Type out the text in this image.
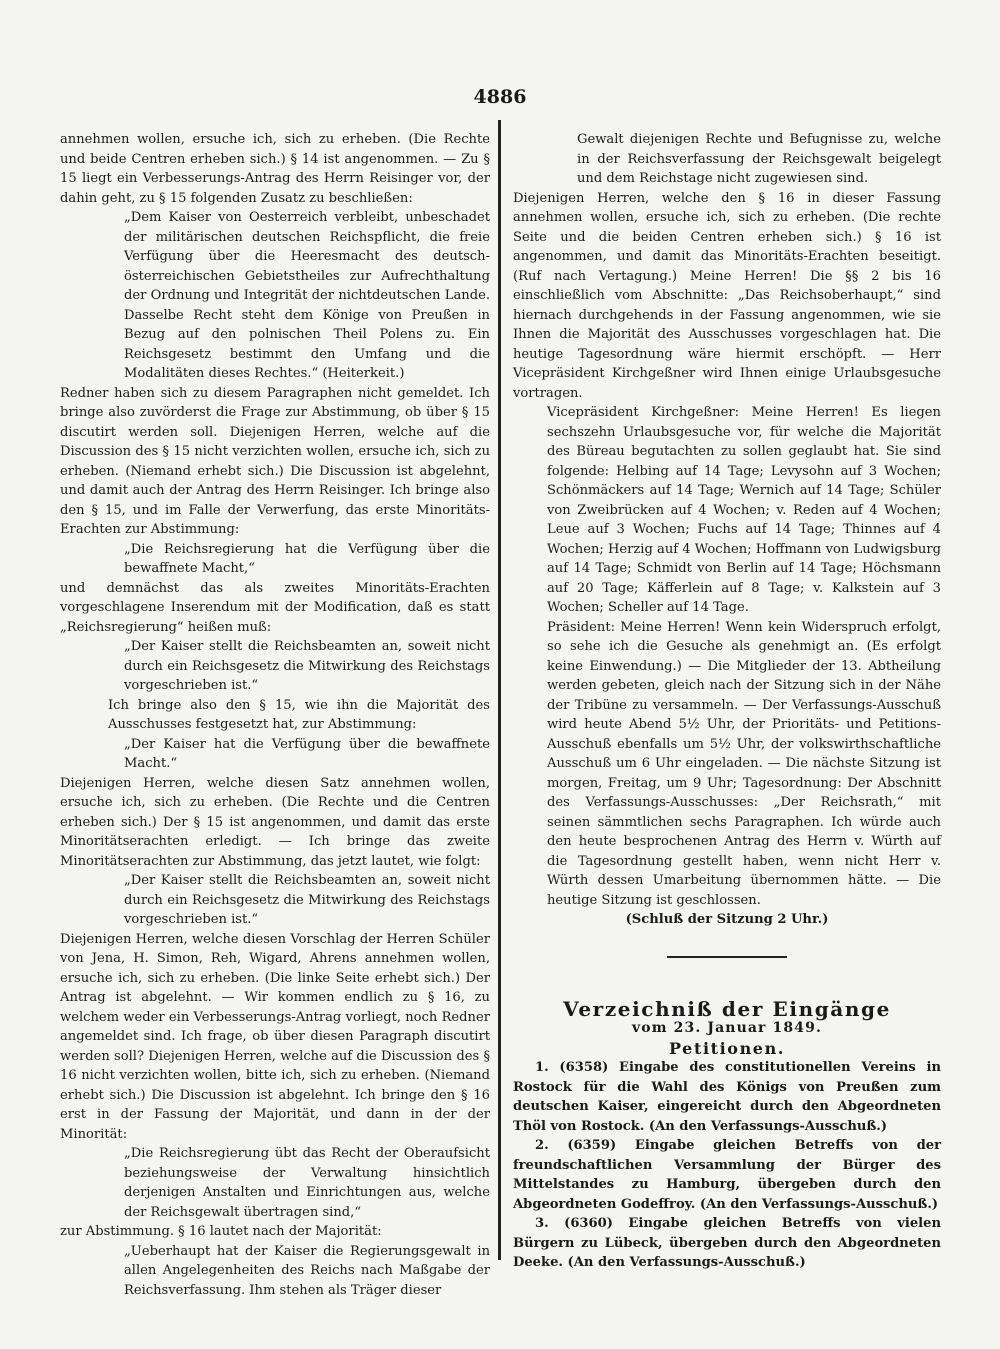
4886

annehmen wollen, ersuche ich, sich zu erheben. (Die Rechte und beide Centren erheben sich.) § 14 ist angenommen. — Zu § 15 liegt ein Verbesserungs-Antrag des Herrn Reisinger vor, der dahin geht, zu § 15 folgenden Zusatz zu beschließen:

„Dem Kaiser von Oesterreich verbleibt, unbeschadet der militärischen deutschen Reichspflicht, die freie Verfügung über die Heeresmacht des deutsch-österreichischen Gebietstheiles zur Aufrechthaltung der Ordnung und Integrität der nichtdeutschen Lande. Dasselbe Recht steht dem Könige von Preußen in Bezug auf den polnischen Theil Polens zu. Ein Reichsgesetz bestimmt den Umfang und die Modalitäten dieses Rechtes.“ (Heiterkeit.)

Redner haben sich zu diesem Paragraphen nicht gemeldet. Ich bringe also zuvörderst die Frage zur Abstimmung, ob über § 15 discutirt werden soll. Diejenigen Herren, welche auf die Discussion des § 15 nicht verzichten wollen, ersuche ich, sich zu erheben. (Niemand erhebt sich.) Die Discussion ist abgelehnt, und damit auch der Antrag des Herrn Reisinger. Ich bringe also den § 15, und im Falle der Verwerfung, das erste Minoritäts-Erachten zur Abstimmung:

„Die Reichsregierung hat die Verfügung über die bewaffnete Macht,“

und demnächst das als zweites Minoritäts-Erachten vorgeschlagene Inserendum mit der Modification, daß es statt „Reichsregierung“ heißen muß:

„Der Kaiser stellt die Reichsbeamten an, soweit nicht durch ein Reichsgesetz die Mitwirkung des Reichstags vorgeschrieben ist.“

Ich bringe also den § 15, wie ihn die Majorität des Ausschusses festgesetzt hat, zur Abstimmung:

„Der Kaiser hat die Verfügung über die bewaffnete Macht.“

Diejenigen Herren, welche diesen Satz annehmen wollen, ersuche ich, sich zu erheben. (Die Rechte und die Centren erheben sich.) Der § 15 ist angenommen, und damit das erste Minoritätserachten erledigt. — Ich bringe das zweite Minoritätserachten zur Abstimmung, das jetzt lautet, wie folgt:

„Der Kaiser stellt die Reichsbeamten an, soweit nicht durch ein Reichsgesetz die Mitwirkung des Reichstags vorgeschrieben ist.“

Diejenigen Herren, welche diesen Vorschlag der Herren Schüler von Jena, H. Simon, Reh, Wigard, Ahrens annehmen wollen, ersuche ich, sich zu erheben. (Die linke Seite erhebt sich.) Der Antrag ist abgelehnt. — Wir kommen endlich zu § 16, zu welchem weder ein Verbesserungs-Antrag vorliegt, noch Redner angemeldet sind. Ich frage, ob über diesen Paragraph discutirt werden soll? Diejenigen Herren, welche auf die Discussion des § 16 nicht verzichten wollen, bitte ich, sich zu erheben. (Niemand erhebt sich.) Die Discussion ist abgelehnt. Ich bringe den § 16 erst in der Fassung der Majorität, und dann in der der Minorität:

„Die Reichsregierung übt das Recht der Oberaufsicht beziehungsweise der Verwaltung hinsichtlich derjenigen Anstalten und Einrichtungen aus, welche der Reichsgewalt übertragen sind,“

zur Abstimmung. § 16 lautet nach der Majorität:

„Ueberhaupt hat der Kaiser die Regierungsgewalt in allen Angelegenheiten des Reichs nach Maßgabe der Reichsverfassung. Ihm stehen als Träger dieser

Gewalt diejenigen Rechte und Befugnisse zu, welche in der Reichsverfassung der Reichsgewalt beigelegt und dem Reichstage nicht zugewiesen sind.

Diejenigen Herren, welche den § 16 in dieser Fassung annehmen wollen, ersuche ich, sich zu erheben. (Die rechte Seite und die beiden Centren erheben sich.) § 16 ist angenommen, und damit das Minoritäts-Erachten beseitigt. (Ruf nach Vertagung.) Meine Herren! Die §§ 2 bis 16 einschließlich vom Abschnitte: „Das Reichsoberhaupt,“ sind hiernach durchgehends in der Fassung angenommen, wie sie Ihnen die Majorität des Ausschusses vorgeschlagen hat. Die heutige Tagesordnung wäre hiermit erschöpft. — Herr Vicepräsident Kirchgeßner wird Ihnen einige Urlaubsgesuche vortragen.

Vicepräsident Kirchgeßner: Meine Herren! Es liegen sechszehn Urlaubsgesuche vor, für welche die Majorität des Büreau begutachten zu sollen geglaubt hat. Sie sind folgende: Helbing auf 14 Tage; Levysohn auf 3 Wochen; Schönmäckers auf 14 Tage; Wernich auf 14 Tage; Schüler von Zweibrücken auf 4 Wochen; v. Reden auf 4 Wochen; Leue auf 3 Wochen; Fuchs auf 14 Tage; Thinnes auf 4 Wochen; Herzig auf 4 Wochen; Hoffmann von Ludwigsburg auf 14 Tage; Schmidt von Berlin auf 14 Tage; Höchsmann auf 20 Tage; Käfferlein auf 8 Tage; v. Kalkstein auf 3 Wochen; Scheller auf 14 Tage.

Präsident: Meine Herren! Wenn kein Widerspruch erfolgt, so sehe ich die Gesuche als genehmigt an. (Es erfolgt keine Einwendung.) — Die Mitglieder der 13. Abtheilung werden gebeten, gleich nach der Sitzung sich in der Nähe der Tribüne zu versammeln. — Der Verfassungs-Ausschuß wird heute Abend 5½ Uhr, der Prioritäts- und Petitions-Ausschuß ebenfalls um 5½ Uhr, der volkswirthschaftliche Ausschuß um 6 Uhr eingeladen. — Die nächste Sitzung ist morgen, Freitag, um 9 Uhr; Tagesordnung: Der Abschnitt des Verfassungs-Ausschusses: „Der Reichsrath,“ mit seinen sämmtlichen sechs Paragraphen. Ich würde auch den heute besprochenen Antrag des Herrn v. Würth auf die Tagesordnung gestellt haben, wenn nicht Herr v. Würth dessen Umarbeitung übernommen hätte. — Die heutige Sitzung ist geschlossen.

(Schluß der Sitzung 2 Uhr.)

Verzeichniß der Eingänge

vom 23. Januar 1849.

Petitionen.

1. (6358) Eingabe des constitutionellen Vereins in Rostock für die Wahl des Königs von Preußen zum deutschen Kaiser, eingereicht durch den Abgeordneten Thöl von Rostock. (An den Verfassungs-Ausschuß.)

2. (6359) Eingabe gleichen Betreffs von der freundschaftlichen Versammlung der Bürger des Mittelstandes zu Hamburg, übergeben durch den Abgeordneten Godeffroy. (An den Verfassungs-Ausschuß.)

3. (6360) Eingabe gleichen Betreffs von vielen Bürgern zu Lübeck, übergeben durch den Abgeordneten Deeke. (An den Verfassungs-Ausschuß.)
